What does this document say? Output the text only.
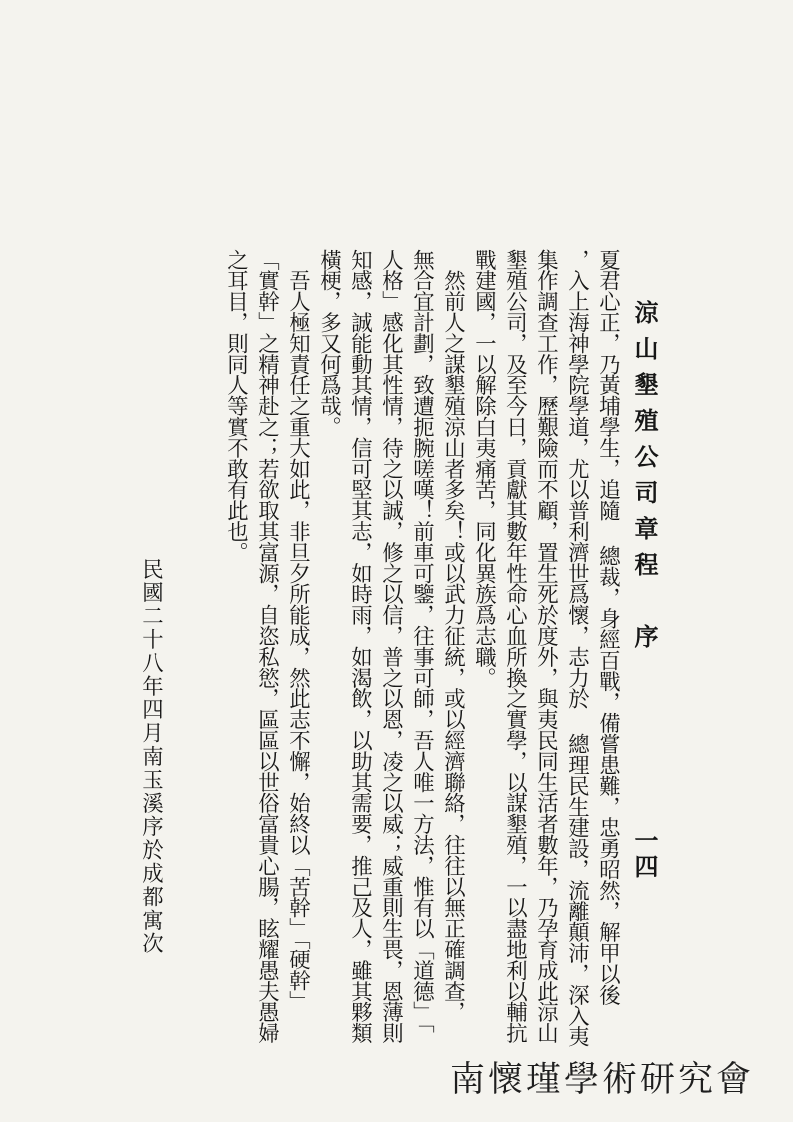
涼山墾殖公司章程　序
一四
夏君心正，乃黃埔學生，追隨 總裁，身經百戰，備嘗患難，忠勇昭然，解甲以後
，入上海神學院學道，尤以普利濟世爲懷，志力於 總理民生建設，流離顛沛，深入夷
集作調查工作，歷艱險而不顧，置生死於度外，與夷民同生活者數年，乃孕育成此涼山
墾殖公司，及至今日，貢獻其數年性命心血所換之實學，以謀墾殖，一以盡地利以輔抗
戰建國，一以解除白夷痛苦，同化異族爲志職。
　然前人之謀墾殖涼山者多矣！或以武力征統，或以經濟聯絡，往往以無正確調查，
無合宜計劃，致遭扼腕嗟嘆！前車可鑒，往事可師，吾人唯一方法，惟有以「道德」「
人格」感化其性情，待之以誠，修之以信，普之以恩，凌之以威；威重則生畏，恩薄則
知感，誠能動其情，信可堅其志，如時雨，如渴飲，以助其需要，推己及人，雖其夥類
橫梗，多又何爲哉。
　吾人極知責任之重大如此，非旦夕所能成，然此志不懈，始終以「苦幹」「硬幹」
「實幹」之精神赴之；若欲取其富源，自恣私慾，區區以世俗富貴心腸，眩耀愚夫愚婦
之耳目，則同人等實不敢有此也。
民國二十八年四月南玉溪序於成都寓次
南懷瑾學術研究會
